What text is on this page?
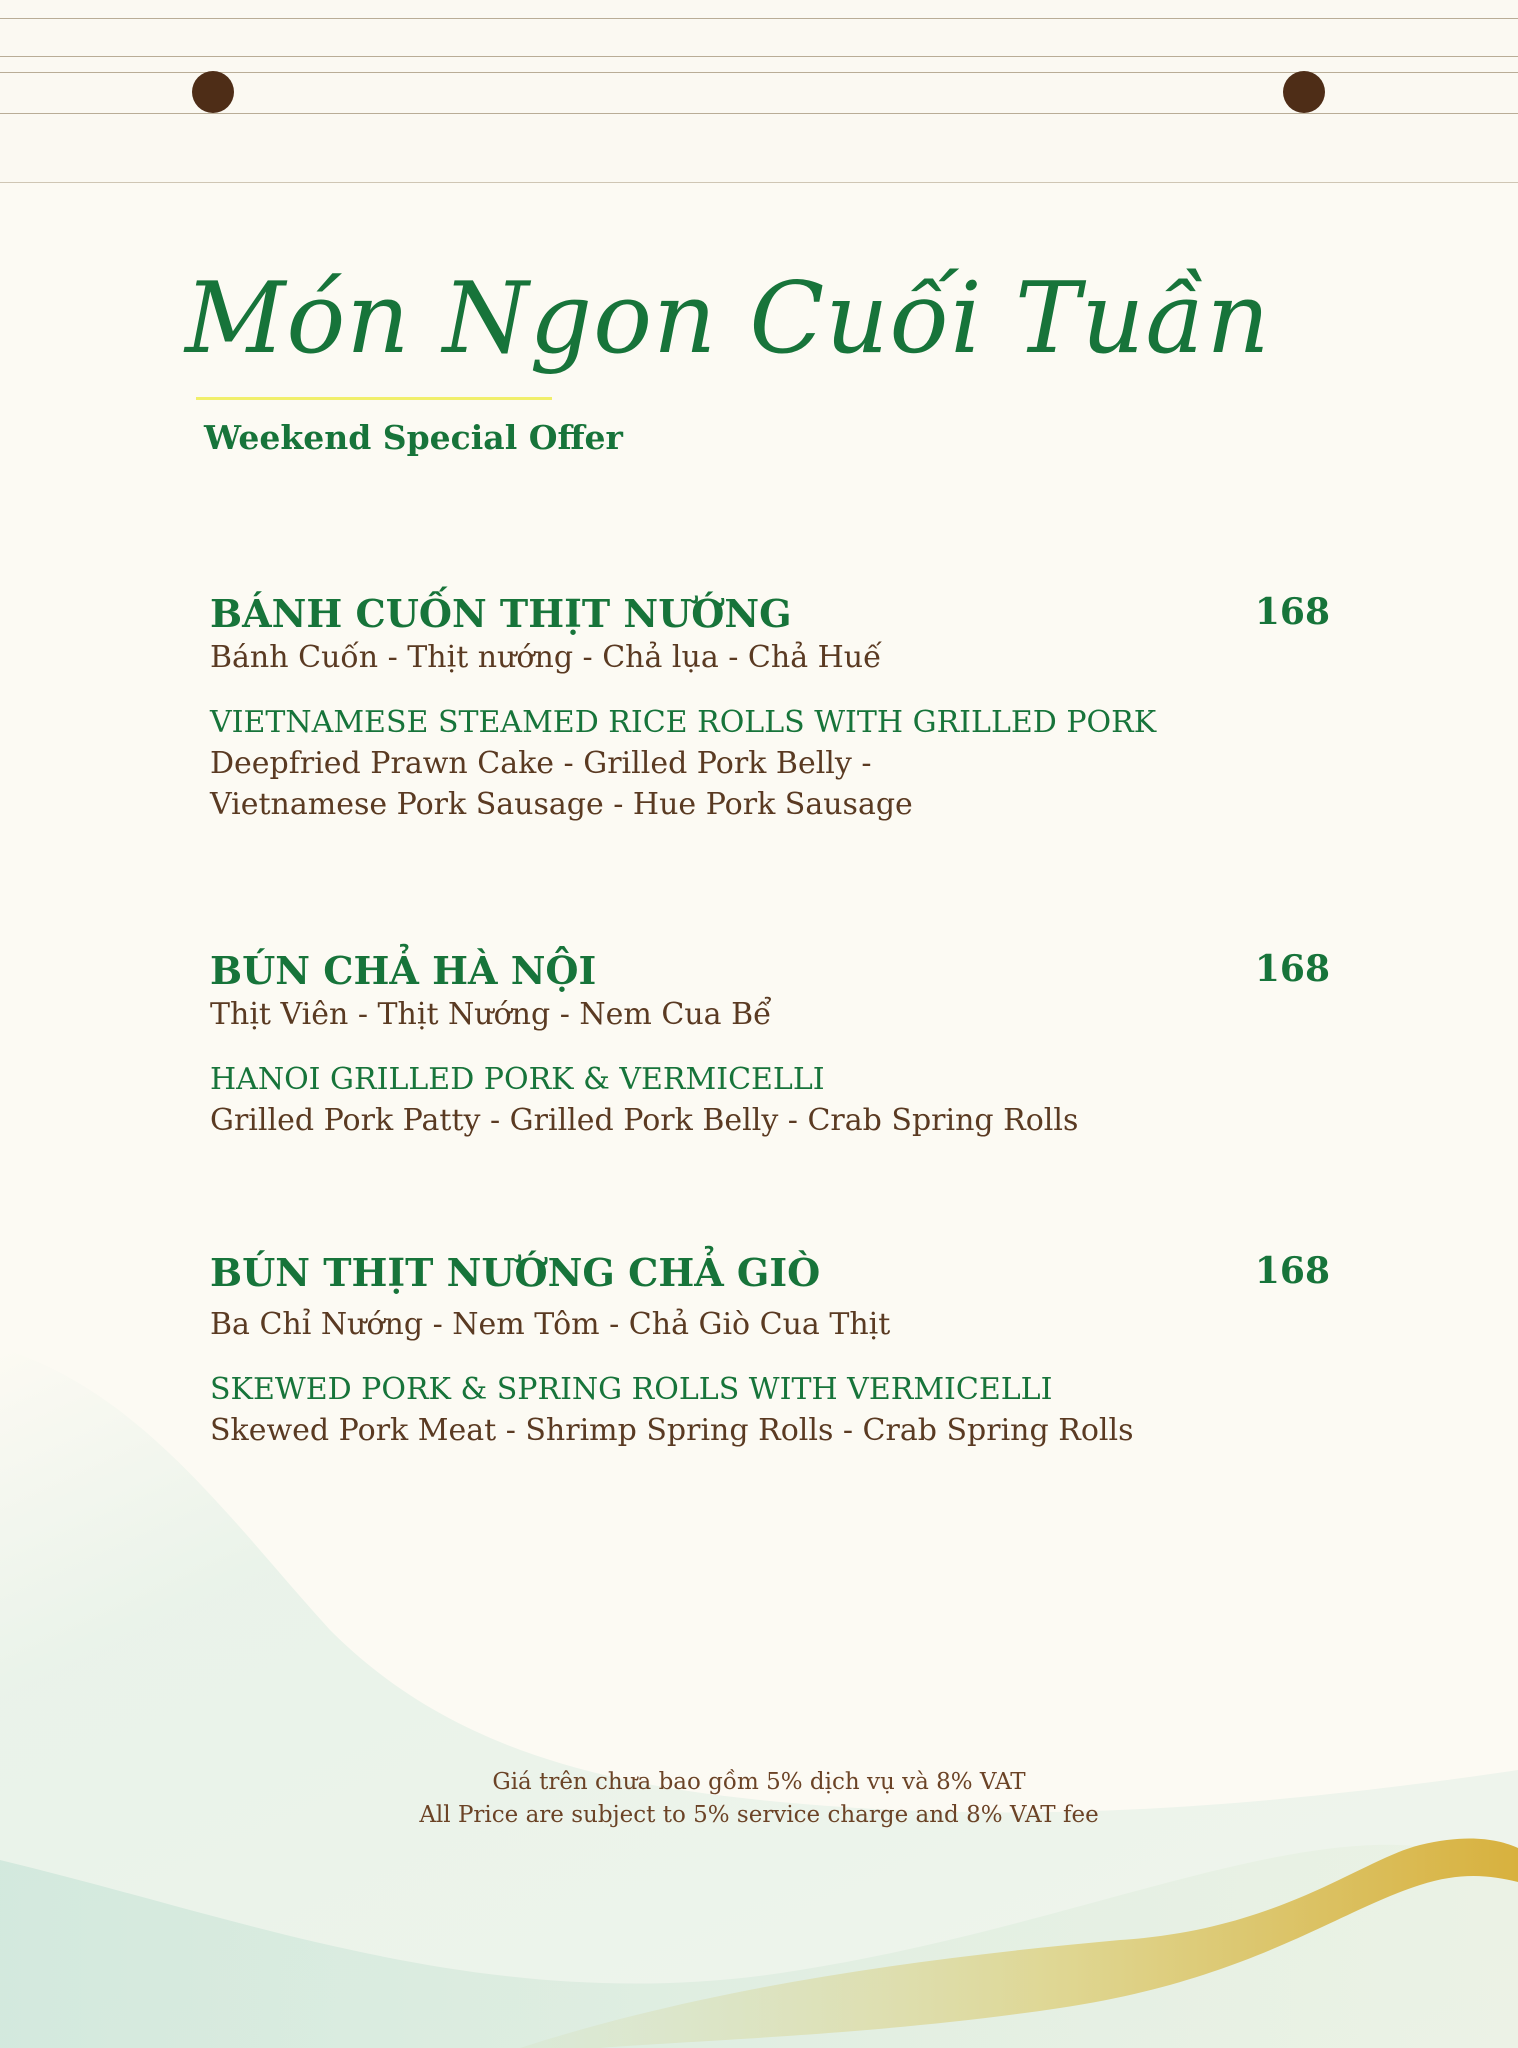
Món Ngon Cuối Tuần
Weekend Special Offer
BÁNH CUỐN THỊT NƯỚNG	168
Bánh Cuốn - Thịt nướng - Chả lụa - Chả Huế
VIETNAMESE STEAMED RICE ROLLS WITH GRILLED PORK
Deepfried Prawn Cake - Grilled Pork Belly -
Vietnamese Pork Sausage - Hue Pork Sausage
BÚN CHẢ HÀ NỘI	168
Thịt Viên - Thịt Nướng - Nem Cua Bể
HANOI GRILLED PORK & VERMICELLI
Grilled Pork Patty - Grilled Pork Belly - Crab Spring Rolls
BÚN THỊT NƯỚNG CHẢ GIÒ	168
Ba Chỉ Nướng - Nem Tôm - Chả Giò Cua Thịt
SKEWED PORK & SPRING ROLLS WITH VERMICELLI
Skewed Pork Meat - Shrimp Spring Rolls - Crab Spring Rolls
Giá trên chưa bao gồm 5% dịch vụ và 8% VAT
All Price are subject to 5% service charge and 8% VAT fee
